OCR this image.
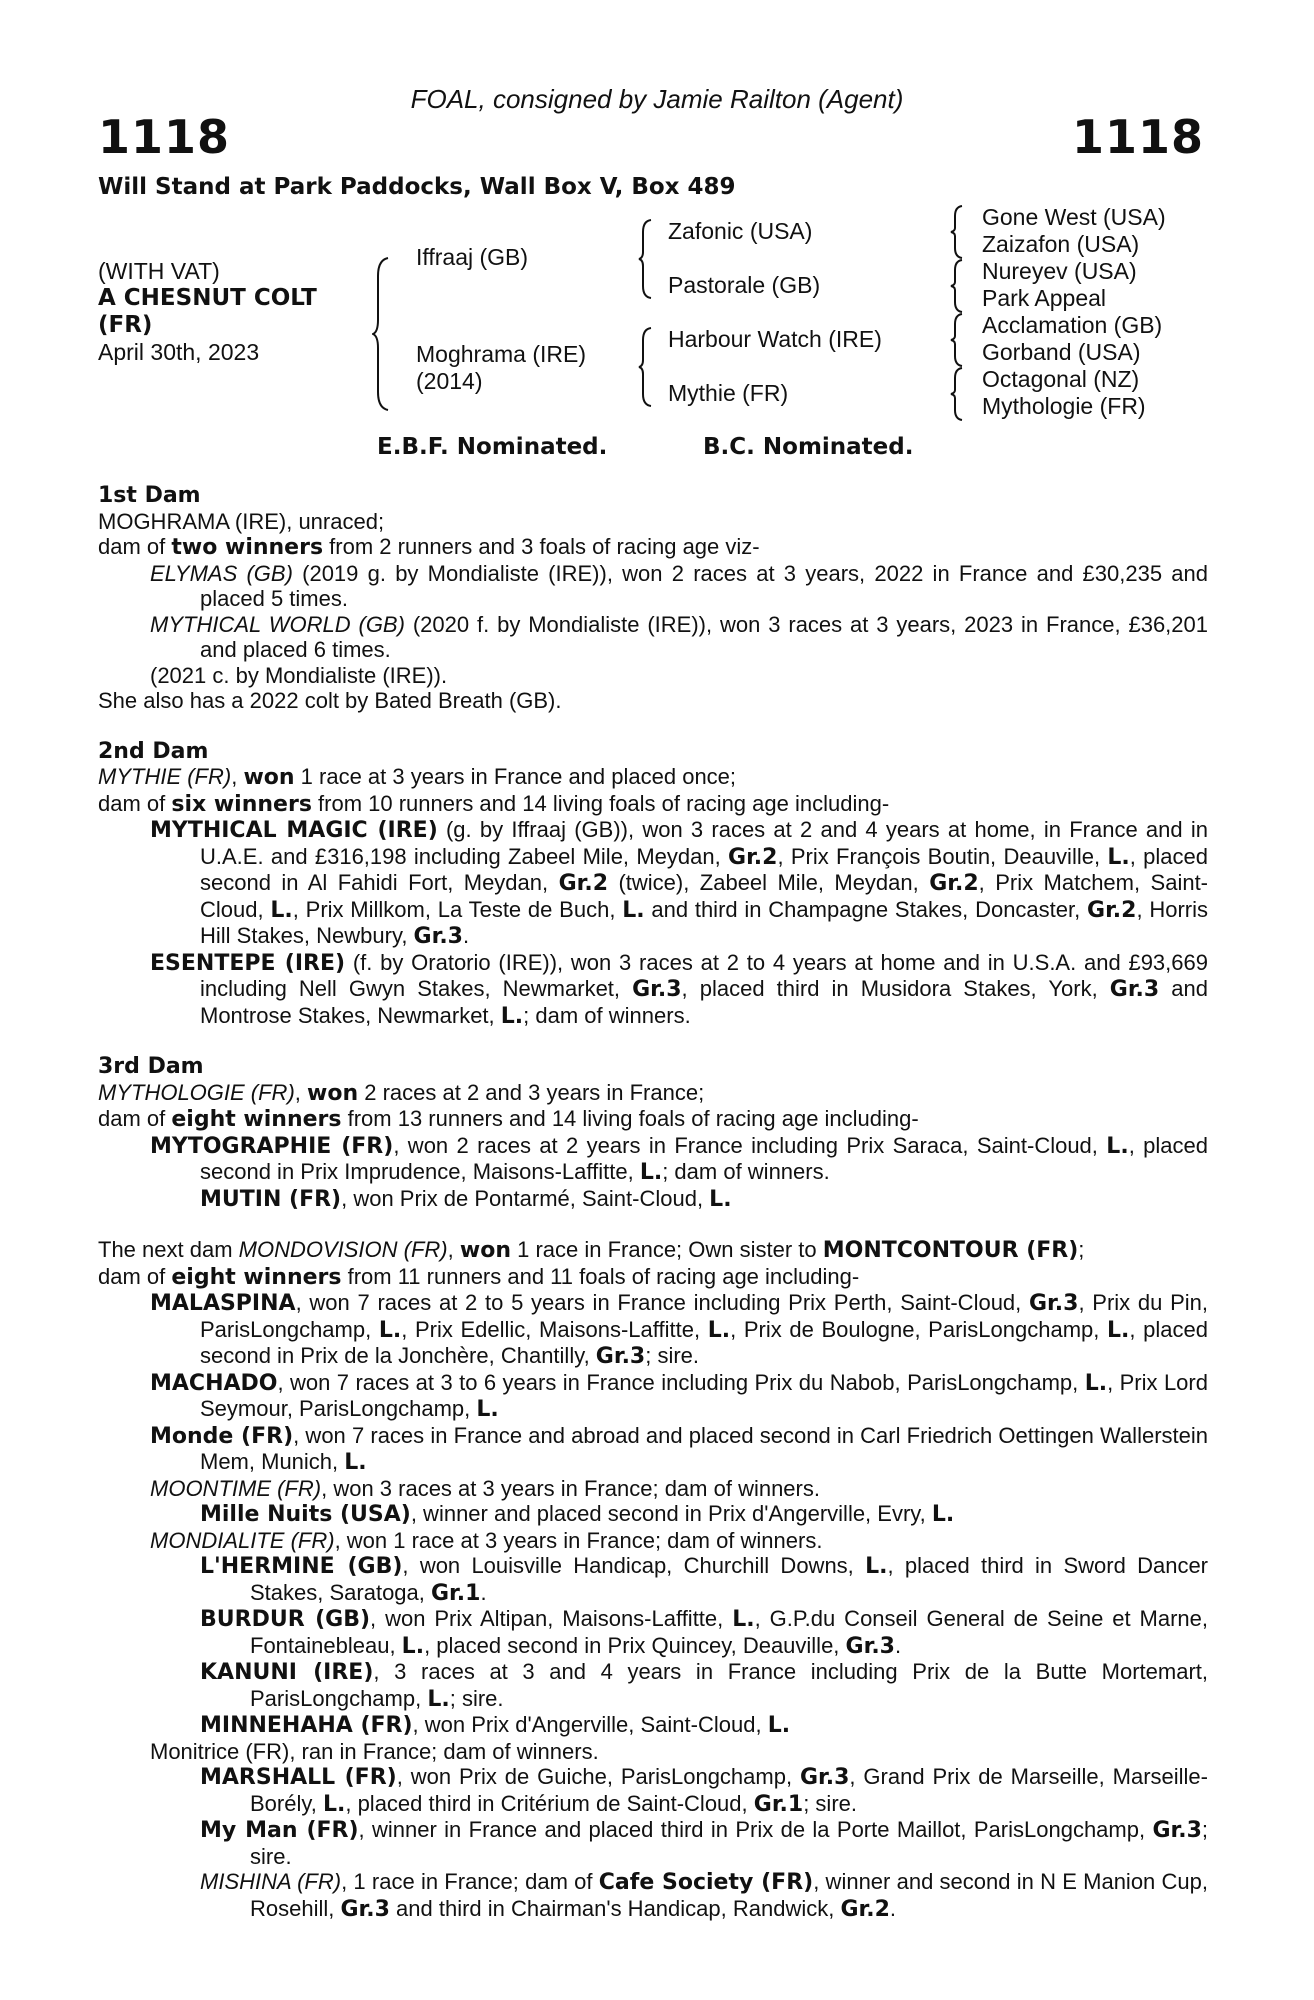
FOAL, consigned by Jamie Railton (Agent)
1118	1118
Will Stand at Park Paddocks, Wall Box V, Box 489
(WITH VAT)
A CHESNUT COLT
(FR)
April 30th, 2023
Iffraaj (GB)
Moghrama (IRE)
(2014)
Zafonic (USA)
Pastorale (GB)
Harbour Watch (IRE)
Mythie (FR)
Gone West (USA)
Zaizafon (USA)
Nureyev (USA)
Park Appeal
Acclamation (GB)
Gorband (USA)
Octagonal (NZ)
Mythologie (FR)
E.B.F. Nominated.	B.C. Nominated.
1st Dam

MOGHRAMA (IRE), unraced;

dam of two winners from 2 runners and 3 foals of racing age viz-

ELYMAS (GB) (2019 g. by Mondialiste (IRE)), won 2 races at 3 years, 2022 in France and £30,235 and placed 5 times.

MYTHICAL WORLD (GB) (2020 f. by Mondialiste (IRE)), won 3 races at 3 years, 2023 in France, £36,201 and placed 6 times.

(2021 c. by Mondialiste (IRE)).

She also has a 2022 colt by Bated Breath (GB).

2nd Dam

MYTHIE (FR), won 1 race at 3 years in France and placed once;

dam of six winners from 10 runners and 14 living foals of racing age including-

MYTHICAL MAGIC (IRE) (g. by Iffraaj (GB)), won 3 races at 2 and 4 years at home, in France and in U.A.E. and £316,198 including Zabeel Mile, Meydan, Gr.2, Prix François Boutin, Deauville, L., placed second in Al Fahidi Fort, Meydan, Gr.2 (twice), Zabeel Mile, Meydan, Gr.2, Prix Matchem, Saint-Cloud, L., Prix Millkom, La Teste de Buch, L. and third in Champagne Stakes, Doncaster, Gr.2, Horris Hill Stakes, Newbury, Gr.3.

ESENTEPE (IRE) (f. by Oratorio (IRE)), won 3 races at 2 to 4 years at home and in U.S.A. and £93,669 including Nell Gwyn Stakes, Newmarket, Gr.3, placed third in Musidora Stakes, York, Gr.3 and Montrose Stakes, Newmarket, L.; dam of winners.

3rd Dam

MYTHOLOGIE (FR), won 2 races at 2 and 3 years in France;

dam of eight winners from 13 runners and 14 living foals of racing age including-

MYTOGRAPHIE (FR), won 2 races at 2 years in France including Prix Saraca, Saint-Cloud, L., placed second in Prix Imprudence, Maisons-Laffitte, L.; dam of winners.

MUTIN (FR), won Prix de Pontarmé, Saint-Cloud, L.

The next dam MONDOVISION (FR), won 1 race in France; Own sister to MONTCONTOUR (FR);

dam of eight winners from 11 runners and 11 foals of racing age including-

MALASPINA, won 7 races at 2 to 5 years in France including Prix Perth, Saint-Cloud, Gr.3, Prix du Pin, ParisLongchamp, L., Prix Edellic, Maisons-Laffitte, L., Prix de Boulogne, ParisLongchamp, L., placed second in Prix de la Jonchère, Chantilly, Gr.3; sire.

MACHADO, won 7 races at 3 to 6 years in France including Prix du Nabob, ParisLongchamp, L., Prix Lord Seymour, ParisLongchamp, L.

Monde (FR), won 7 races in France and abroad and placed second in Carl Friedrich Oettingen Wallerstein Mem, Munich, L.

MOONTIME (FR), won 3 races at 3 years in France; dam of winners.

Mille Nuits (USA), winner and placed second in Prix d'Angerville, Evry, L.

MONDIALITE (FR), won 1 race at 3 years in France; dam of winners.

L'HERMINE (GB), won Louisville Handicap, Churchill Downs, L., placed third in Sword Dancer Stakes, Saratoga, Gr.1.

BURDUR (GB), won Prix Altipan, Maisons-Laffitte, L., G.P.du Conseil General de Seine et Marne, Fontainebleau, L., placed second in Prix Quincey, Deauville, Gr.3.

KANUNI (IRE), 3 races at 3 and 4 years in France including Prix de la Butte Mortemart, ParisLongchamp, L.; sire.

MINNEHAHA (FR), won Prix d'Angerville, Saint-Cloud, L.

Monitrice (FR), ran in France; dam of winners.

MARSHALL (FR), won Prix de Guiche, ParisLongchamp, Gr.3, Grand Prix de Marseille, Marseille-Borély, L., placed third in Critérium de Saint-Cloud, Gr.1; sire.

My Man (FR), winner in France and placed third in Prix de la Porte Maillot, ParisLongchamp, Gr.3; sire.

MISHINA (FR), 1 race in France; dam of Cafe Society (FR), winner and second in N E Manion Cup, Rosehill, Gr.3 and third in Chairman's Handicap, Randwick, Gr.2.
